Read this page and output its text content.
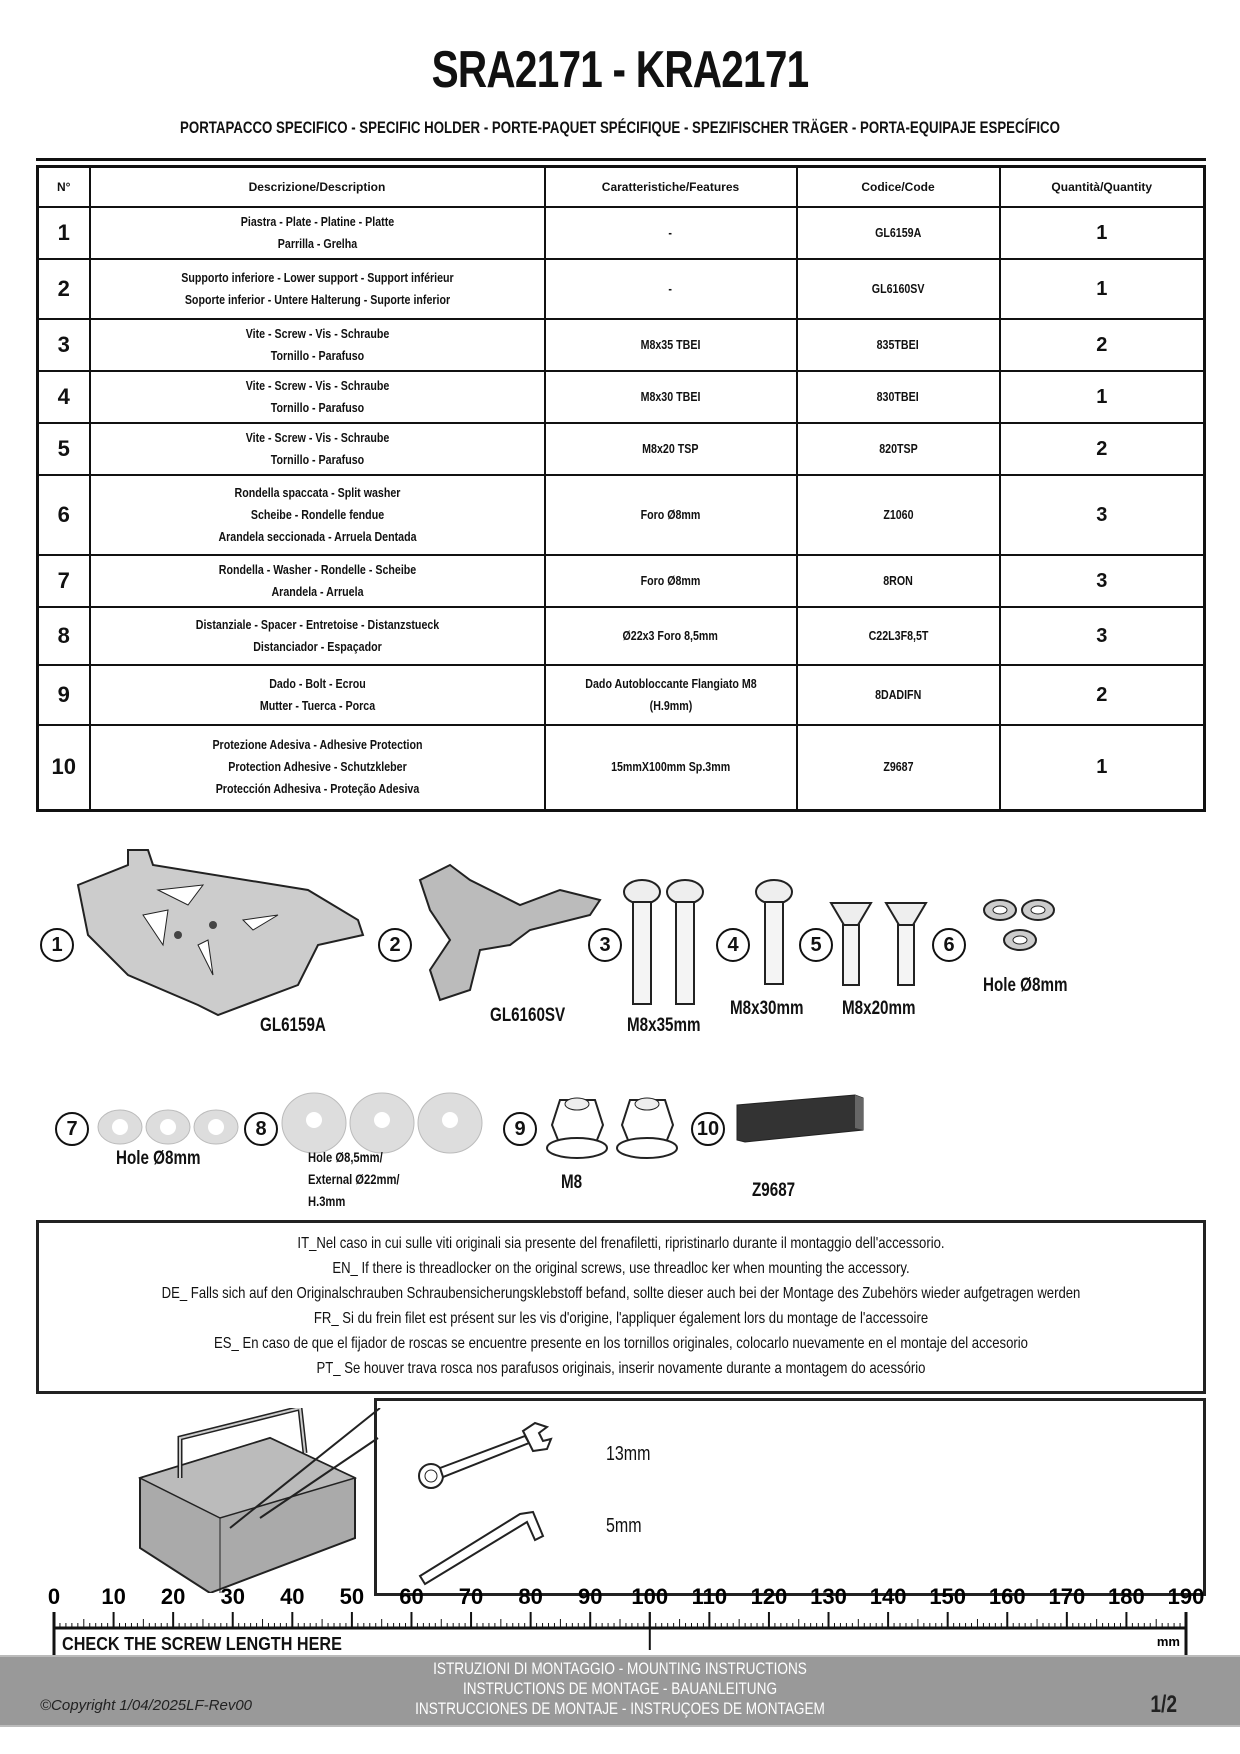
SRA2171 - KRA2171
PORTAPACCO SPECIFICO - SPECIFIC HOLDER - PORTE-PAQUET SPÉCIFIQUE - SPEZIFISCHER TRÄGER - PORTA-EQUIPAJE ESPECÍFICO
N°	Descrizione/Description	Caratteristiche/Features	Codice/Code	Quantità/Quantity
1	Piastra - Plate - Platine - Platte
Parrilla - Grelha	-	GL6159A	1
2	Supporto inferiore - Lower support - Support inférieur
Soporte inferior - Untere Halterung - Suporte inferior	-	GL6160SV	1
3	Vite - Screw - Vis - Schraube
Tornillo - Parafuso	M8x35 TBEI	835TBEI	2
4	Vite - Screw - Vis - Schraube
Tornillo - Parafuso	M8x30 TBEI	830TBEI	1
5	Vite - Screw - Vis - Schraube
Tornillo - Parafuso	M8x20 TSP	820TSP	2
6	Rondella spaccata - Split washer
Scheibe - Rondelle fendue
Arandela seccionada - Arruela Dentada	Foro Ø8mm	Z1060	3
7	Rondella - Washer - Rondelle - Scheibe
Arandela - Arruela	Foro Ø8mm	8RON	3
8	Distanziale - Spacer - Entretoise - Distanzstueck
Distanciador - Espaçador	Ø22x3 Foro 8,5mm	C22L3F8,5T	3
9	Dado - Bolt - Ecrou
Mutter - Tuerca - Porca	Dado Autobloccante Flangiato M8 (H.9mm)	8DADIFN	2
10	Protezione Adesiva - Adhesive Protection
Protection Adhesive - Schutzkleber
Protección Adhesiva - Proteção Adesiva	15mmX100mm Sp.3mm	Z9687	1
1
GL6159A
2
GL6160SV
3
M8x35mm
4
M8x30mm
5
M8x20mm
6
Hole Ø8mm
7
Hole Ø8mm
8
Hole Ø8,5mm/ External Ø22mm/ H.3mm
9
M8
10
Z9687
IT_Nel caso in cui sulle viti originali sia presente del frenafiletti, ripristinarlo durante il montaggio dell'accessorio.
EN_ If there is threadlocker on the original screws, use threadloc ker when mounting the accessory.
DE_ Falls sich auf den Originalschrauben Schraubensicherungsklebstoff befand, sollte dieser auch bei der Montage des Zubehörs wieder aufgetragen werden
FR_ Si du frein filet est présent sur les vis d'origine, l'appliquer également lors du montage de l'accessoire
ES_ En caso de que el fijador de roscas se encuentre presente en los tornillos originales, colocarlo nuevamente en el montaje del accesorio
PT_ Se houver trava rosca nos parafusos originais, inserir novamente durante a montagem do acessório
13mm
5mm
0 10 20 30 40 50 60 70 80 90 100 110 120 130 140 150 160 170 180 190
mm
CHECK THE SCREW LENGTH HERE
ISTRUZIONI DI MONTAGGIO - MOUNTING INSTRUCTIONS
INSTRUCTIONS DE MONTAGE - BAUANLEITUNG
INSTRUCCIONES DE MONTAJE - INSTRUÇOES DE MONTAGEM
©Copyright 1/04/2025LF-Rev00	1/2
